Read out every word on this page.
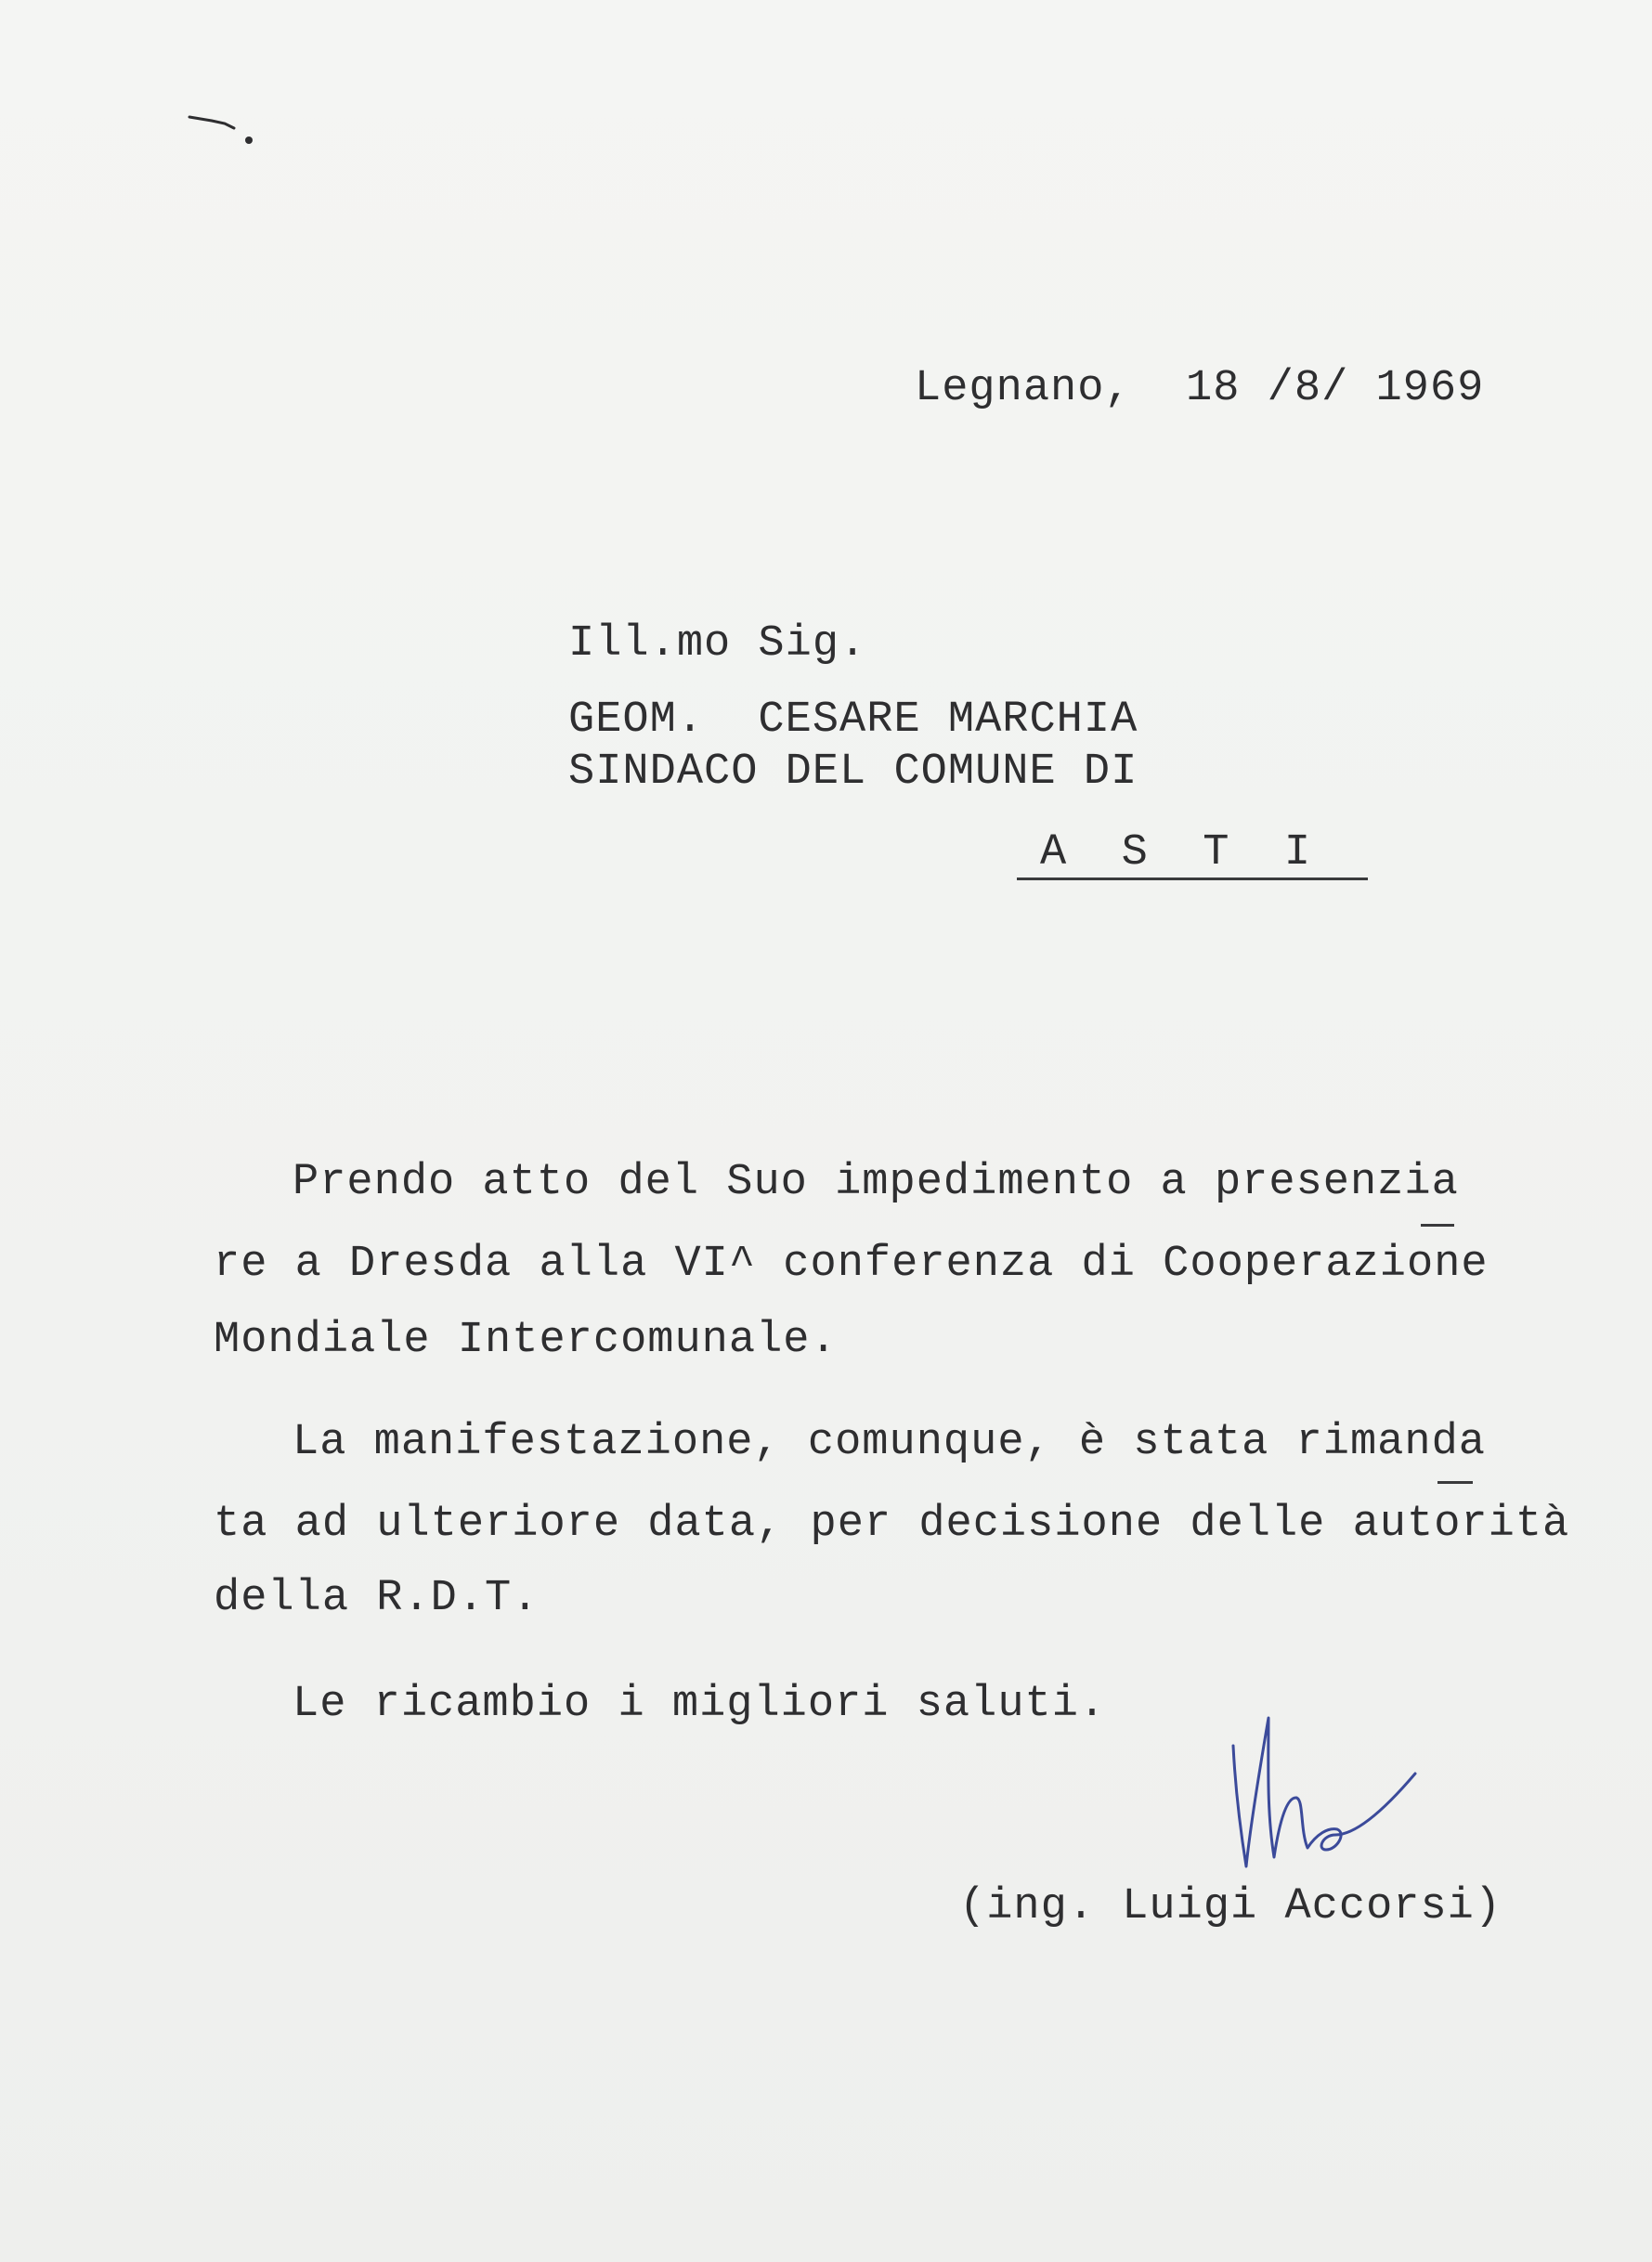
Legnano,  18 /8/ 1969
Ill.mo Sig.
GEOM.  CESARE MARCHIA
SINDACO DEL COMUNE DI
A  S  T  I
Prendo atto del Suo impedimento a presenzia
re a Dresda alla VI^ conferenza di Cooperazione
Mondiale Intercomunale.
La manifestazione, comunque, è stata rimanda
ta ad ulteriore data, per decisione delle autorità
della R.D.T.
Le ricambio i migliori saluti.
(ing. Luigi Accorsi)
